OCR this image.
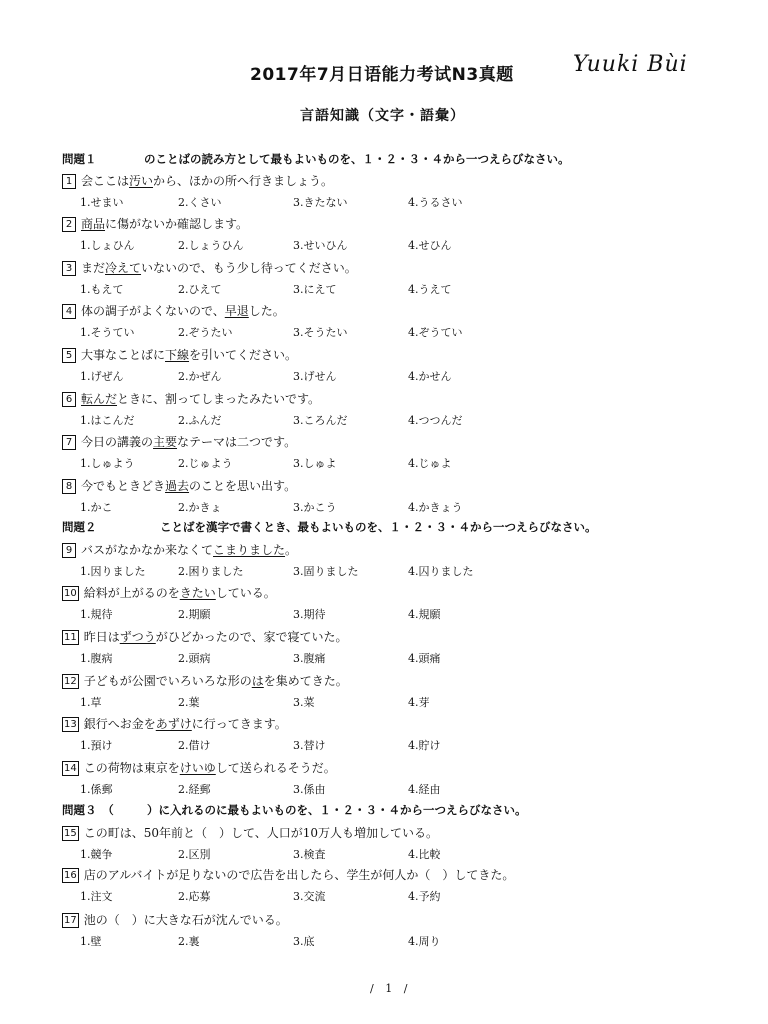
2017年7月日语能力考试N3真题	Yuuki Bùi
言語知識（文字・語彙）
問題１	のことばの読み方として最もよいものを、１・２・３・４から一つえらびなさい。
問題２	ことばを漢字で書くとき、最もよいものを、１・２・３・４から一つえらびなさい。
問題３　（	）に入れるのに最もよいものを、１・２・３・４から一つえらびなさい。
1 会ここは汚いから、ほかの所へ行きましょう。
1.せまい	2.くさい	3.きたない	4.うるさい
2 商品に傷がないか確認します。
1.しょひん	2.しょうひん	3.せいひん	4.せひん
3 まだ冷えていないので、もう少し待ってください。
1.もえて	2.ひえて	3.にえて	4.うえて
4 体の調子がよくないので、早退した。
1.そうてい	2.ぞうたい	3.そうたい	4.ぞうてい
5 大事なことばに下線を引いてください。
1.げぜん	2.かぜん	3.げせん	4.かせん
6 転んだときに、割ってしまったみたいです。
1.はこんだ	2.ふんだ	3.ころんだ	4.つつんだ
7 今日の講義の主要なテーマは二つです。
1.しゅよう	2.じゅよう	3.しゅよ	4.じゅよ
8 今でもときどき過去のことを思い出す。
1.かこ	2.かきょ	3.かこう	4.かきょう
9 バスがなかなか来なくてこまりました。
1.因りました	2.困りました	3.固りました	4.囚りました
10 給料が上がるのをきたいしている。
1.規待	2.期願	3.期待	4.規願
11 昨日はずつうがひどかったので、家で寝ていた。
1.腹病	2.頭病	3.腹痛	4.頭痛
12 子どもが公園でいろいろな形のはを集めてきた。
1.草	2.葉	3.菜	4.芽
13 銀行へお金をあずけに行ってきます。
1.預け	2.借け	3.替け	4.貯け
14 この荷物は東京をけいゆして送られるそうだ。
1.係郵	2.経郵	3.係由	4.経由
15 この町は、50年前と（　）して、人口が10万人も増加している。
1.競争	2.区別	3.検査	4.比較
16 店のアルバイトが足りないので広告を出したら、学生が何人か（　）してきた。
1.注文	2.応募	3.交流	4.予約
17 池の（　）に大きな石が沈んでいる。
1.壁	2.裏	3.底	4.周り
/ 1 /
